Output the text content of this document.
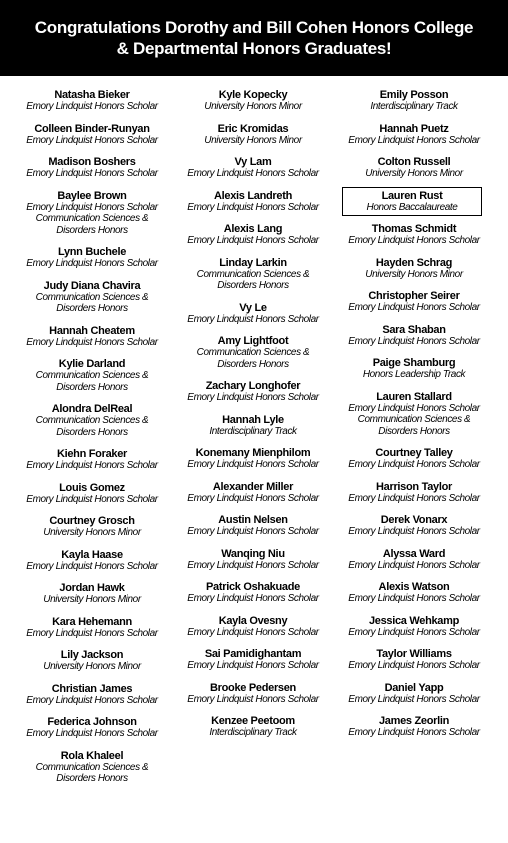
Congratulations Dorothy and Bill Cohen Honors College
& Departmental Honors Graduates!
Natasha Bieker
Emory Lindquist Honors Scholar
Colleen Binder-Runyan
Emory Lindquist Honors Scholar
Madison Boshers
Emory Lindquist Honors Scholar
Baylee Brown
Emory Lindquist Honors Scholar
Communication Sciences & Disorders Honors
Lynn Buchele
Emory Lindquist Honors Scholar
Judy Diana Chavira
Communication Sciences & Disorders Honors
Hannah Cheatem
Emory Lindquist Honors Scholar
Kylie Darland
Communication Sciences & Disorders Honors
Alondra DelReal
Communication Sciences & Disorders Honors
Kiehn Foraker
Emory Lindquist Honors Scholar
Louis Gomez
Emory Lindquist Honors Scholar
Courtney Grosch
University Honors Minor
Kayla Haase
Emory Lindquist Honors Scholar
Jordan Hawk
University Honors Minor
Kara Hehemann
Emory Lindquist Honors Scholar
Lily Jackson
University Honors Minor
Christian James
Emory Lindquist Honors Scholar
Federica Johnson
Emory Lindquist Honors Scholar
Rola Khaleel
Communication Sciences & Disorders Honors
Kyle Kopecky
University Honors Minor
Eric Kromidas
University Honors Minor
Vy Lam
Emory Lindquist Honors Scholar
Alexis Landreth
Emory Lindquist Honors Scholar
Alexis Lang
Emory Lindquist Honors Scholar
Linday Larkin
Communication Sciences & Disorders Honors
Vy Le
Emory Lindquist Honors Scholar
Amy Lightfoot
Communication Sciences & Disorders Honors
Zachary Longhofer
Emory Lindquist Honors Scholar
Hannah Lyle
Interdisciplinary Track
Konemany Mienphilom
Emory Lindquist Honors Scholar
Alexander Miller
Emory Lindquist Honors Scholar
Austin Nelsen
Emory Lindquist Honors Scholar
Wanqing Niu
Emory Lindquist Honors Scholar
Patrick Oshakuade
Emory Lindquist Honors Scholar
Kayla Ovesny
Emory Lindquist Honors Scholar
Sai Pamidighantam
Emory Lindquist Honors Scholar
Brooke Pedersen
Emory Lindquist Honors Scholar
Kenzee Peetoom
Interdisciplinary Track
Emily Posson
Interdisciplinary Track
Hannah Puetz
Emory Lindquist Honors Scholar
Colton Russell
University Honors Minor
Lauren Rust
Honors Baccalaureate
Thomas Schmidt
Emory Lindquist Honors Scholar
Hayden Schrag
University Honors Minor
Christopher Seirer
Emory Lindquist Honors Scholar
Sara Shaban
Emory Lindquist Honors Scholar
Paige Shamburg
Honors Leadership Track
Lauren Stallard
Emory Lindquist Honors Scholar
Communication Sciences & Disorders Honors
Courtney Talley
Emory Lindquist Honors Scholar
Harrison Taylor
Emory Lindquist Honors Scholar
Derek Vonarx
Emory Lindquist Honors Scholar
Alyssa Ward
Emory Lindquist Honors Scholar
Alexis Watson
Emory Lindquist Honors Scholar
Jessica Wehkamp
Emory Lindquist Honors Scholar
Taylor Williams
Emory Lindquist Honors Scholar
Daniel Yapp
Emory Lindquist Honors Scholar
James Zeorlin
Emory Lindquist Honors Scholar
